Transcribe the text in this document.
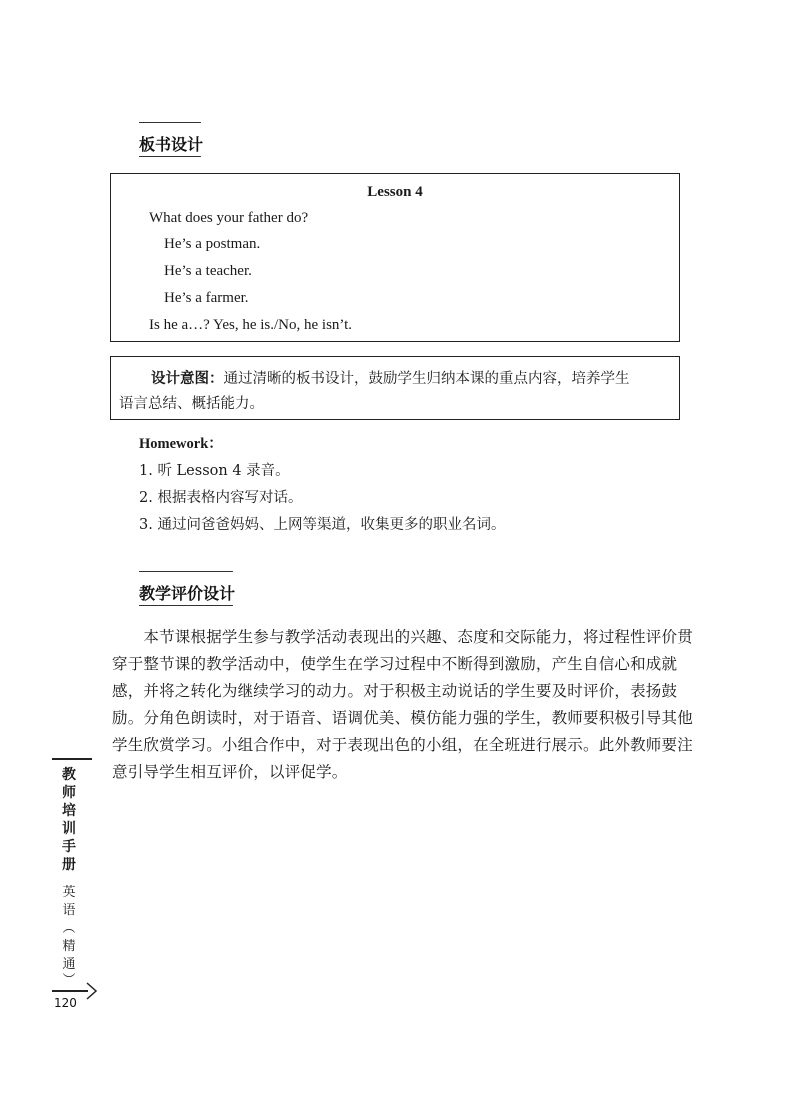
板书设计
Lesson 4
What does your father do?
He’s a postman.
He’s a teacher.
He’s a farmer.
Is he a…? Yes, he is./No, he isn’t.
设计意图：通过清晰的板书设计，鼓励学生归纳本课的重点内容，培养学生
语言总结、概括能力。
Homework：
1. 听 Lesson 4 录音。
2. 根据表格内容写对话。
3. 通过问爸爸妈妈、上网等渠道，收集更多的职业名词。
教学评价设计
　　本节课根据学生参与教学活动表现出的兴趣、态度和交际能力，将过程性评价贯
穿于整节课的教学活动中，使学生在学习过程中不断得到激励，产生自信心和成就
感，并将之转化为继续学习的动力。对于积极主动说话的学生要及时评价，表扬鼓
励。分角色朗读时，对于语音、语调优美、模仿能力强的学生，教师要积极引导其他
学生欣赏学习。小组合作中，对于表现出色的小组，在全班进行展示。此外教师要注
意引导学生相互评价，以评促学。
教
师
培
训
手
册
英
语
︵
精
通
︶
120
